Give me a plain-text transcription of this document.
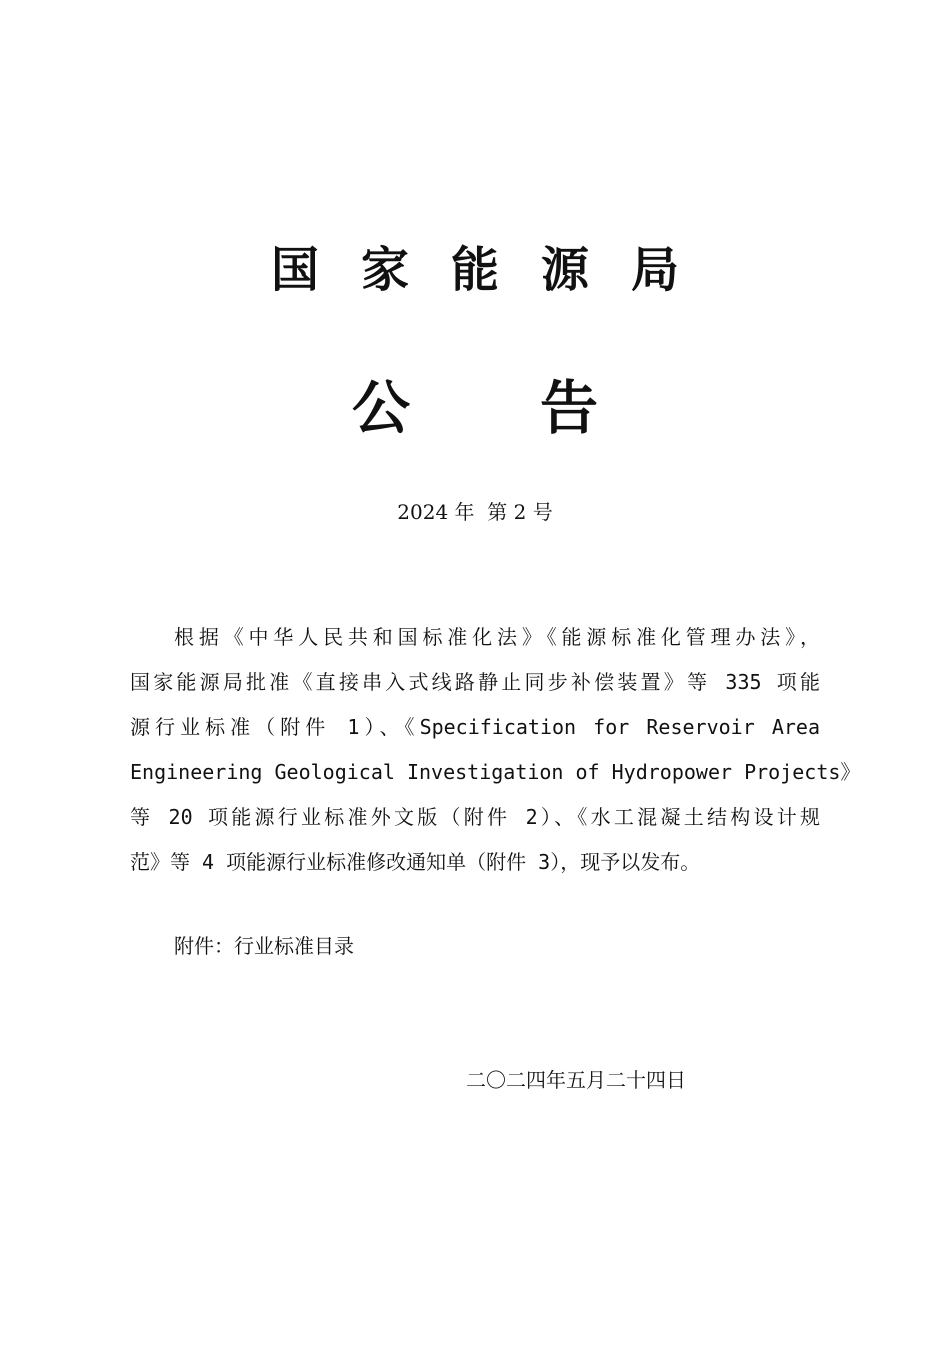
国家能源局
公告
2024 年  第 2 号
根据《中华人民共和国标准化法》《能源标准化管理办法》，
国家能源局批准《直接串入式线路静止同步补偿装置》等 335 项能
源行业标准（附件 1）、《Specification for Reservoir Area
Engineering Geological Investigation of Hydropower Projects》
等 20 项能源行业标准外文版（附件 2）、《水工混凝土结构设计规
范》等 4 项能源行业标准修改通知单（附件 3），现予以发布。
附件：行业标准目录
二〇二四年五月二十四日
